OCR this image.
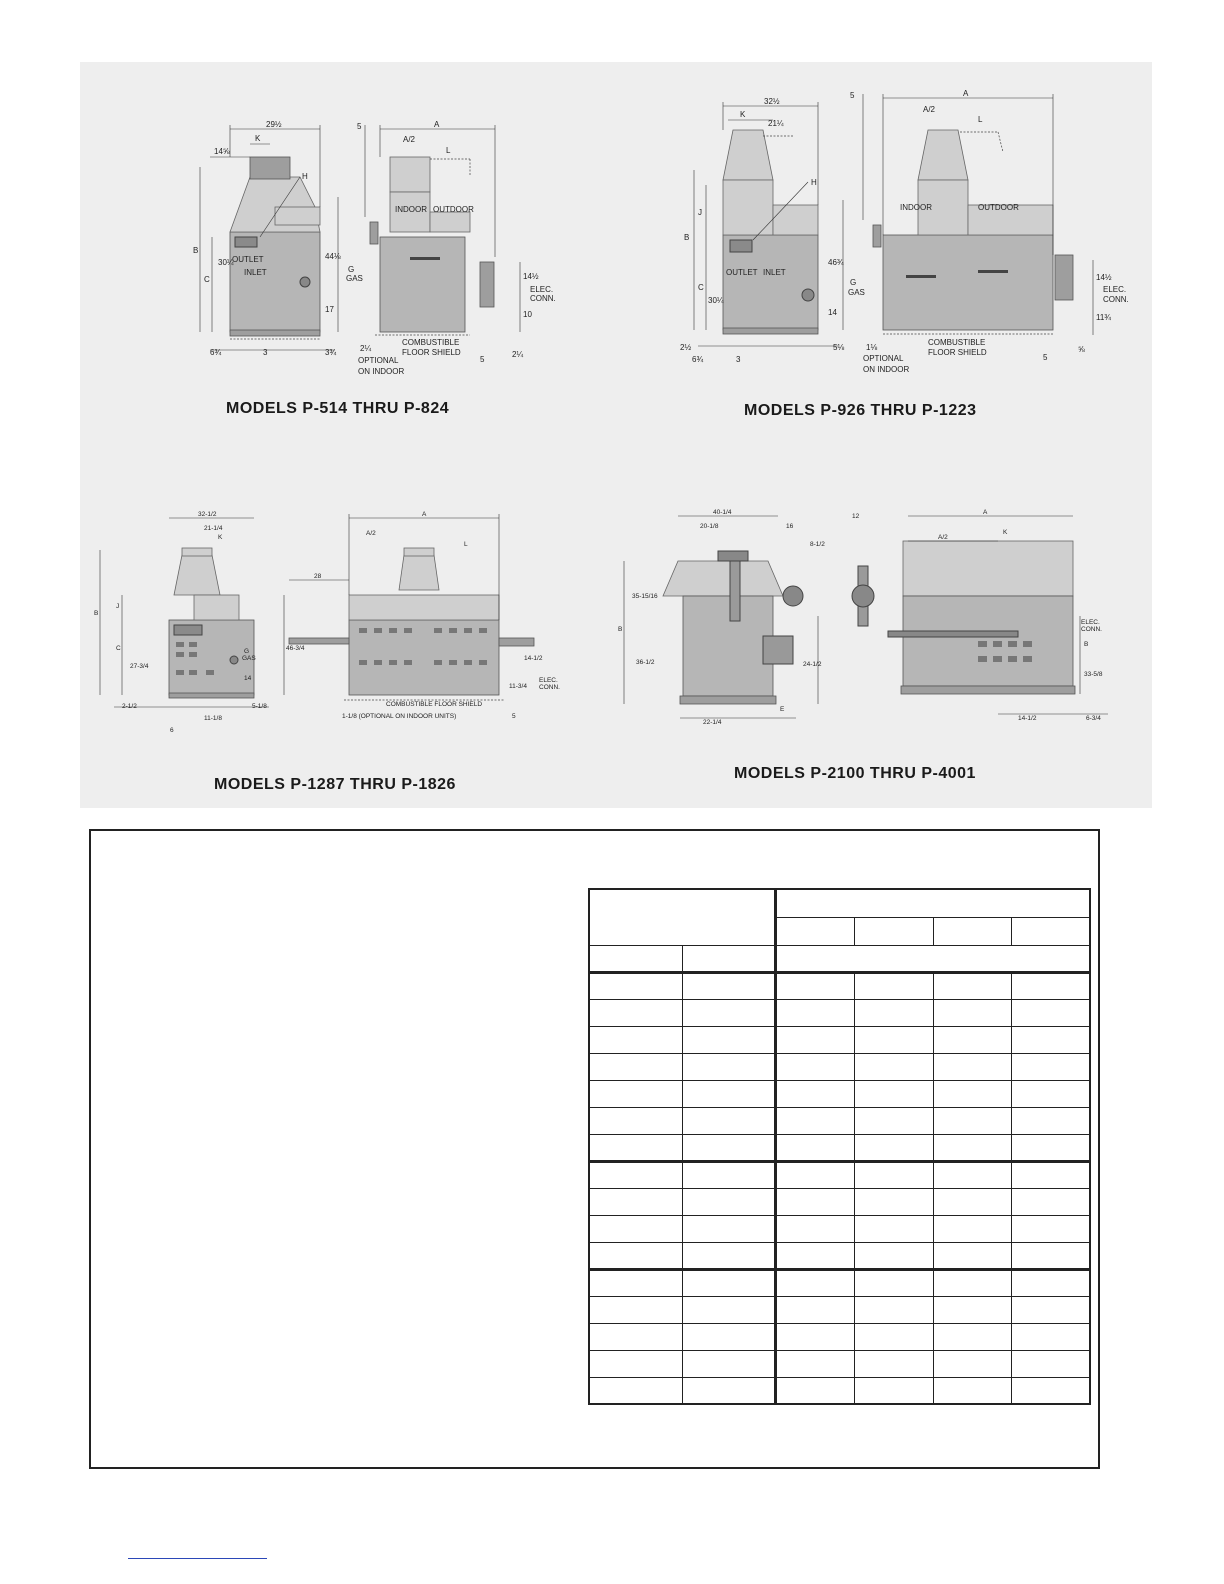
29½
K
14⅝
H
B
C
30¼
OUTLET
INLET
44⅛
G
GAS
17
6¾	3	3¾
A
5
A/2
L
INDOOR OUTDOOR
14½
ELEC.
CONN.
10
2¼
OPTIONAL
ON INDOOR
COMBUSTIBLE
FLOOR SHIELD
5
2¼
MODELS P-514 THRU P-824
32½
K
21¼
H
B
J
C
30¼
OUTLET INLET
46¾
G
GAS
14
2½
6¾	3
5⅛
A
5
A/2
L
INDOOR	OUTDOOR
14½
ELEC.
CONN.
11¾
1⅛
OPTIONAL
ON INDOOR
COMBUSTIBLE
FLOOR SHIELD
5
⅝
MODELS P-926 THRU P-1223
32-1/2
21-1/4
K
B
J
C
27-3/4
46-3/4
G
GAS
14
2-1/2	5-1/8
11-1/8
6
A
A/2
L
28
14-1/2
11-3/4
ELEC.
CONN.
COMBUSTIBLE FLOOR SHIELD
1-1/8 (OPTIONAL ON INDOOR UNITS)	5
MODELS P-1287 THRU P-1826
40-1/4
20-1/8	16
8-1/2
B
35-15/16
36-1/2	24-1/2
22-1/4
E
A
12
K
A/2
ELEC.
CONN.
B
33-5/8
14-1/2	6-3/4
MODELS P-2100 THRU P-4001
